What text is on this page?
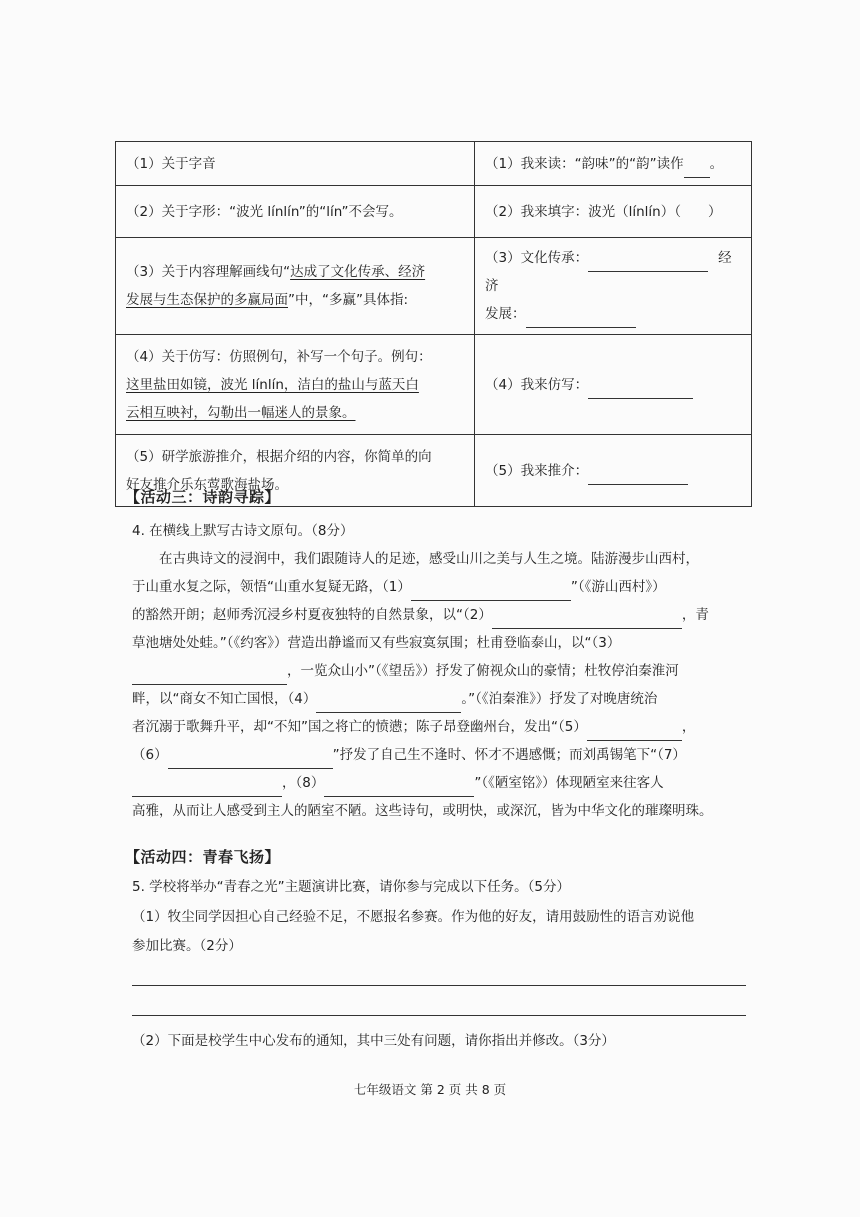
（1）关于字音	（1）我来读：“韵味”的“韵”读作 。
（2）关于字形：“波光 línlín”的“lín”不会写。	（2）我来填字：波光（línlín）（　　）
（3）关于内容理解画线句“达成了文化传承、经济
发展与生态保护的多赢局面”中，“多赢”具体指:	（3）文化传承： 经济
发展：
（4）关于仿写：仿照例句，补写一个句子。例句：
这里盐田如镜，波光 línlín，洁白的盐山与蓝天白
云相互映衬，勾勒出一幅迷人的景象。	（4）我来仿写：
（5）研学旅游推介，根据介绍的内容，你简单的向
好友推介乐东莺歌海盐场。	（5）我来推介：
【活动三：诗韵寻踪】
4. 在横线上默写古诗文原句。（8分）

在古典诗文的浸润中，我们跟随诗人的足迹，感受山川之美与人生之境。陆游漫步山西村，

于山重水复之际，领悟“山重水复疑无路，（1）	”（《游山西村》）

的豁然开朗；赵师秀沉浸乡村夏夜独特的自然景象，以“（2）	，青

草池塘处处蛙。”（《约客》）营造出静谧而又有些寂寞氛围；杜甫登临泰山，以“（3）

，一览众山小”（《望岳》）抒发了俯视众山的豪情；杜牧停泊秦淮河

畔，以“商女不知亡国恨，（4）	。”（《泊秦淮》）抒发了对晚唐统治

者沉溺于歌舞升平，却“不知”国之将亡的愤懑；陈子昂登幽州台，发出“（5）	，

（6）	”抒发了自己生不逢时、怀才不遇感慨；而刘禹锡笔下“（7）

，（8）	”（《陋室铭》）体现陋室来往客人

高雅，从而让人感受到主人的陋室不陋。这些诗句，或明快，或深沉，皆为中华文化的璀璨明珠。

【活动四：青春飞扬】
5. 学校将举办“青春之光”主题演讲比赛，请你参与完成以下任务。（5分）
（1）牧尘同学因担心自己经验不足，不愿报名参赛。作为他的好友，请用鼓励性的语言劝说他
参加比赛。（2分）
（2）下面是校学生中心发布的通知，其中三处有问题，请你指出并修改。（3分）
七年级语文 第 2 页 共 8 页
